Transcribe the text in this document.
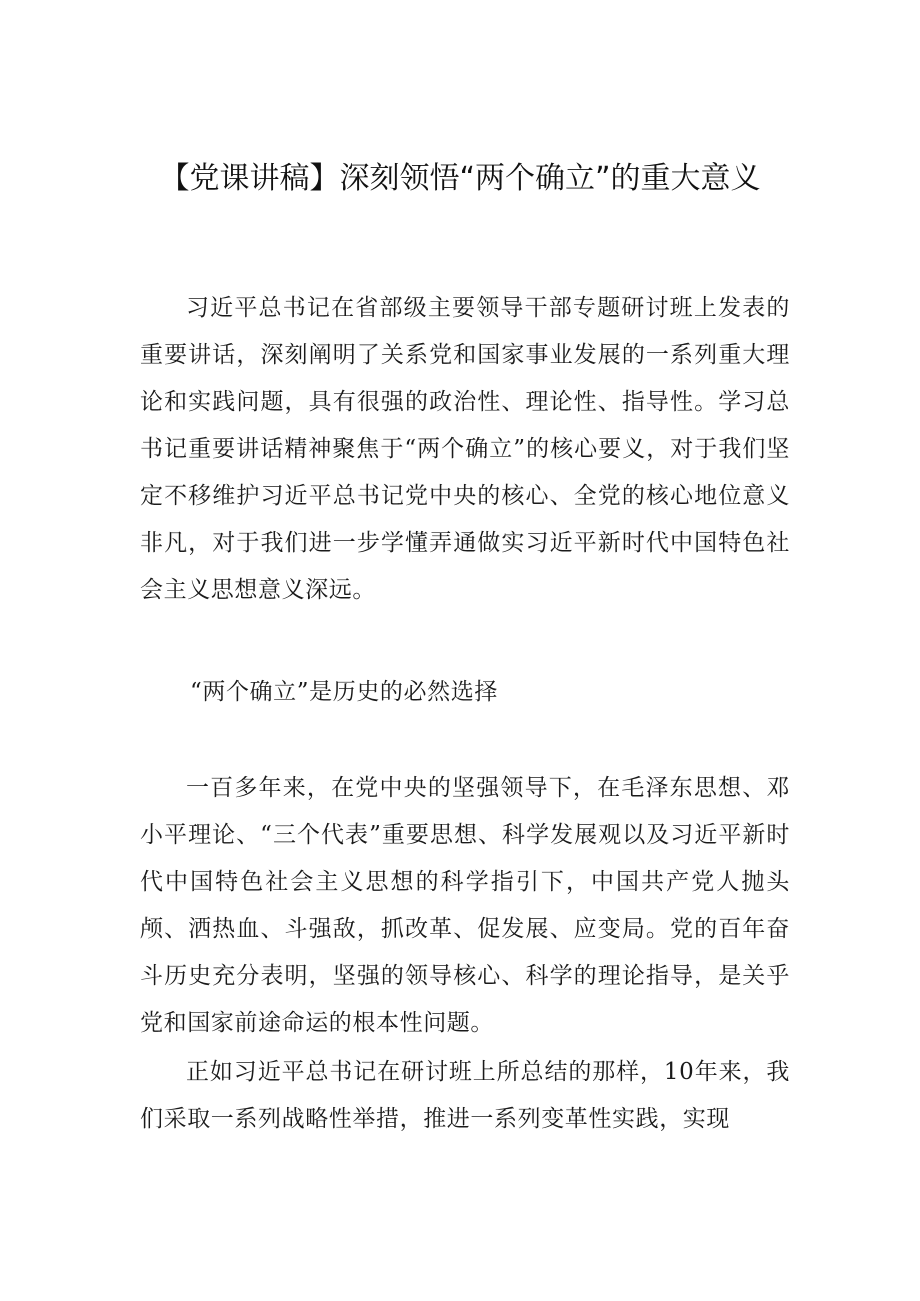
【党课讲稿】深刻领悟“两个确立”的重大意义

习近平总书记在省部级主要领导干部专题研讨班上发表的重要讲话，深刻阐明了关系党和国家事业发展的一系列重大理论和实践问题，具有很强的政治性、理论性、指导性。学习总书记重要讲话精神聚焦于“两个确立”的核心要义，对于我们坚定不移维护习近平总书记党中央的核心、全党的核心地位意义非凡，对于我们进一步学懂弄通做实习近平新时代中国特色社会主义思想意义深远。

“两个确立”是历史的必然选择

一百多年来，在党中央的坚强领导下，在毛泽东思想、邓小平理论、“三个代表”重要思想、科学发展观以及习近平新时代中国特色社会主义思想的科学指引下，中国共产党人抛头颅、洒热血、斗强敌，抓改革、促发展、应变局。党的百年奋斗历史充分表明，坚强的领导核心、科学的理论指导，是关乎党和国家前途命运的根本性问题。

正如习近平总书记在研讨班上所总结的那样，10年来，我们采取一系列战略性举措，推进一系列变革性实践，实现
